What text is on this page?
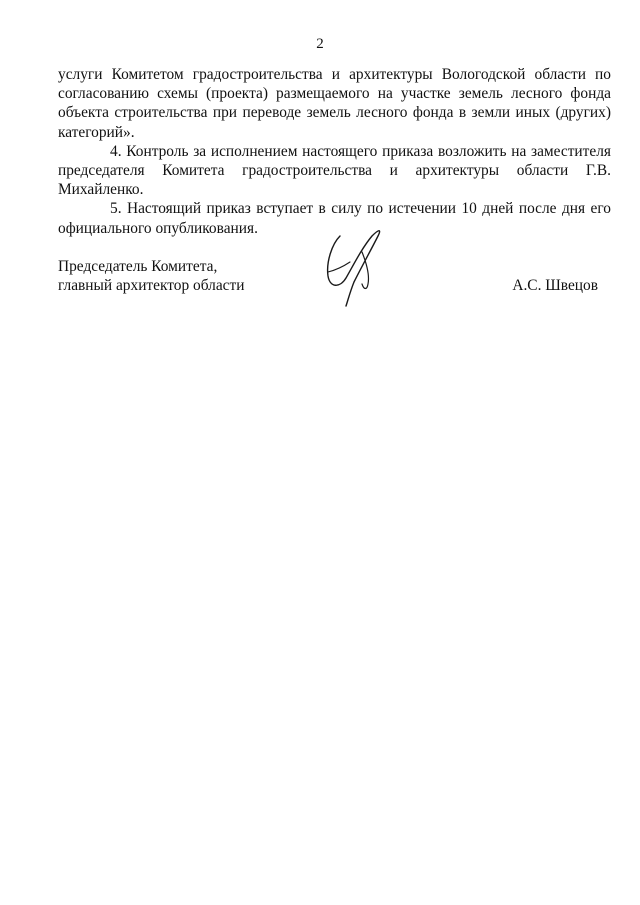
2

услуги Комитетом градостроительства и архитектуры Вологодской области по согласованию схемы (проекта) размещаемого на участке земель лесного фонда объекта строительства при переводе земель лесного фонда в земли иных (других) категорий».

4. Контроль за исполнением настоящего приказа возложить на заместителя председателя Комитета градостроительства и архитектуры области Г.В. Михайленко.

5. Настоящий приказ вступает в силу по истечении 10 дней после дня его официального опубликования.

Председатель Комитета,
главный архитектор области	А.С. Швецов
